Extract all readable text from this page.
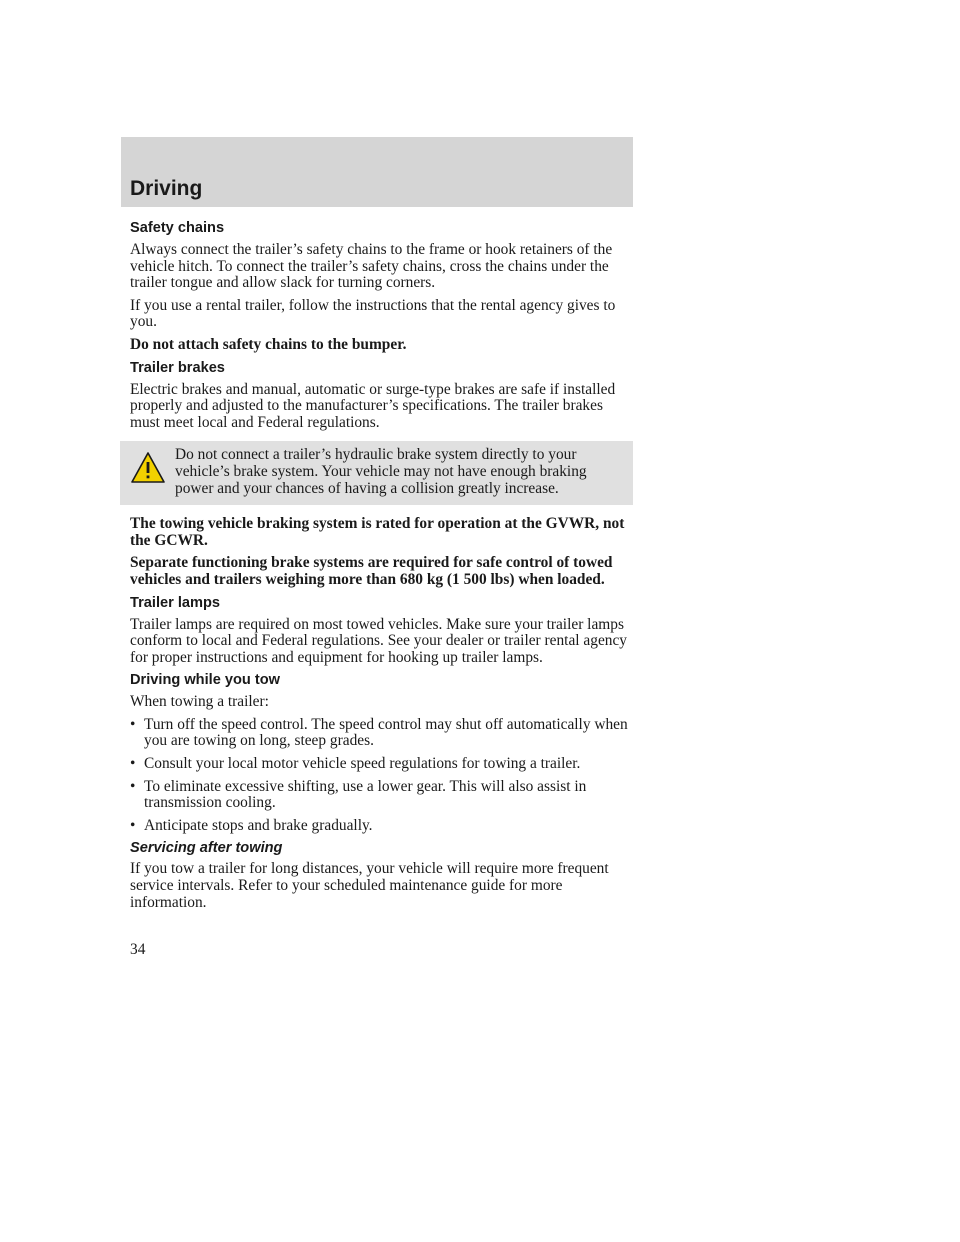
Driving
Safety chains

Always connect the trailer’s safety chains to the frame or hook retainers of the vehicle hitch. To connect the trailer’s safety chains, cross the chains under the trailer tongue and allow slack for turning corners.

If you use a rental trailer, follow the instructions that the rental agency gives to you.

Do not attach safety chains to the bumper.

Trailer brakes

Electric brakes and manual, automatic or surge-type brakes are safe if installed properly and adjusted to the manufacturer’s specifications. The trailer brakes must meet local and Federal regulations.

Do not connect a trailer’s hydraulic brake system directly to your vehicle’s brake system. Your vehicle may not have enough braking power and your chances of having a collision greatly increase.

The towing vehicle braking system is rated for operation at the GVWR, not the GCWR.

Separate functioning brake systems are required for safe control of towed vehicles and trailers weighing more than 680 kg (1 500 lbs) when loaded.

Trailer lamps

Trailer lamps are required on most towed vehicles. Make sure your trailer lamps conform to local and Federal regulations. See your dealer or trailer rental agency for proper instructions and equipment for hooking up trailer lamps.

Driving while you tow

When towing a trailer:

• Turn off the speed control. The speed control may shut off automatically when you are towing on long, steep grades.
• Consult your local motor vehicle speed regulations for towing a trailer.
• To eliminate excessive shifting, use a lower gear. This will also assist in transmission cooling.
• Anticipate stops and brake gradually.
Servicing after towing

If you tow a trailer for long distances, your vehicle will require more frequent service intervals. Refer to your scheduled maintenance guide for more information.

34
